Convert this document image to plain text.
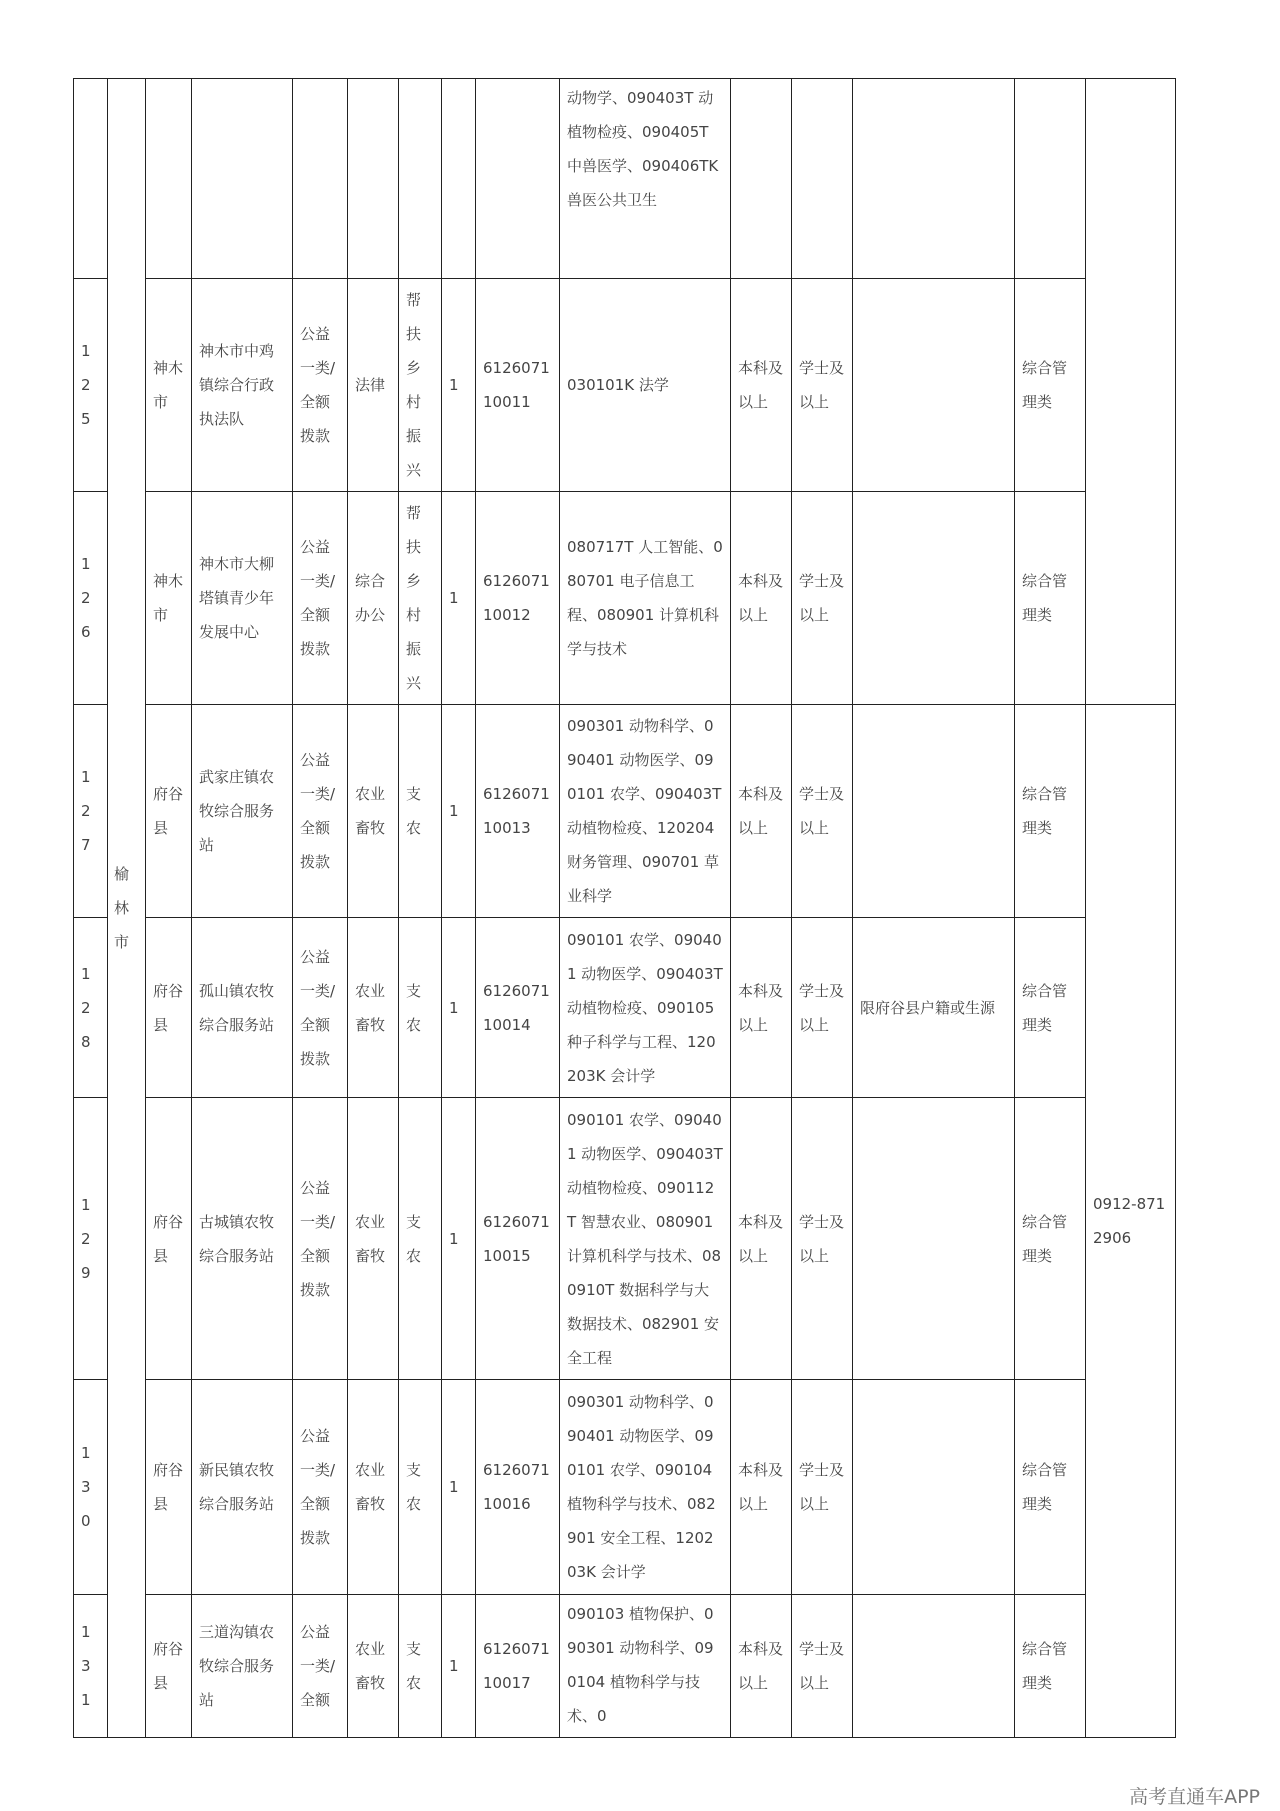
	榆林市								动物学、090403T 动植物检疫、090405T 中兽医学、090406TK 兽医公共卫生					
125		神木市	神木市中鸡镇综合行政执法队	公益一类/全额拨款	法律	帮扶乡村振兴	1	612607110011	030101K 法学	本科及以上	学士及以上		综合管理类	
126		神木市	神木市大柳塔镇青少年发展中心	公益一类/全额拨款	综合办公	帮扶乡村振兴	1	612607110012	080717T 人工智能、080701 电子信息工程、080901 计算机科学与技术	本科及以上	学士及以上		综合管理类	
127		府谷县	武家庄镇农牧综合服务站	公益一类/全额拨款	农业畜牧	支农	1	612607110013	090301 动物科学、090401 动物医学、090101 农学、090403T 动植物检疫、120204 财务管理、090701 草业科学	本科及以上	学士及以上		综合管理类	0912-8712906
128		府谷县	孤山镇农牧综合服务站	公益一类/全额拨款	农业畜牧	支农	1	612607110014	090101 农学、090401 动物医学、090403T 动植物检疫、090105 种子科学与工程、120203K 会计学	本科及以上	学士及以上	限府谷县户籍或生源	综合管理类	
129		府谷县	古城镇农牧综合服务站	公益一类/全额拨款	农业畜牧	支农	1	612607110015	090101 农学、090401 动物医学、090403T 动植物检疫、090112T 智慧农业、080901 计算机科学与技术、080910T 数据科学与大数据技术、082901 安全工程	本科及以上	学士及以上		综合管理类	
130		府谷县	新民镇农牧综合服务站	公益一类/全额拨款	农业畜牧	支农	1	612607110016	090301 动物科学、090401 动物医学、090101 农学、090104 植物科学与技术、082901 安全工程、120203K 会计学	本科及以上	学士及以上		综合管理类	
131		府谷县	三道沟镇农牧综合服务站	公益一类/全额	农业畜牧	支农	1	612607110017	090103 植物保护、090301 动物科学、090104 植物科学与技术、0	本科及以上	学士及以上		综合管理类	
高考直通车APP
